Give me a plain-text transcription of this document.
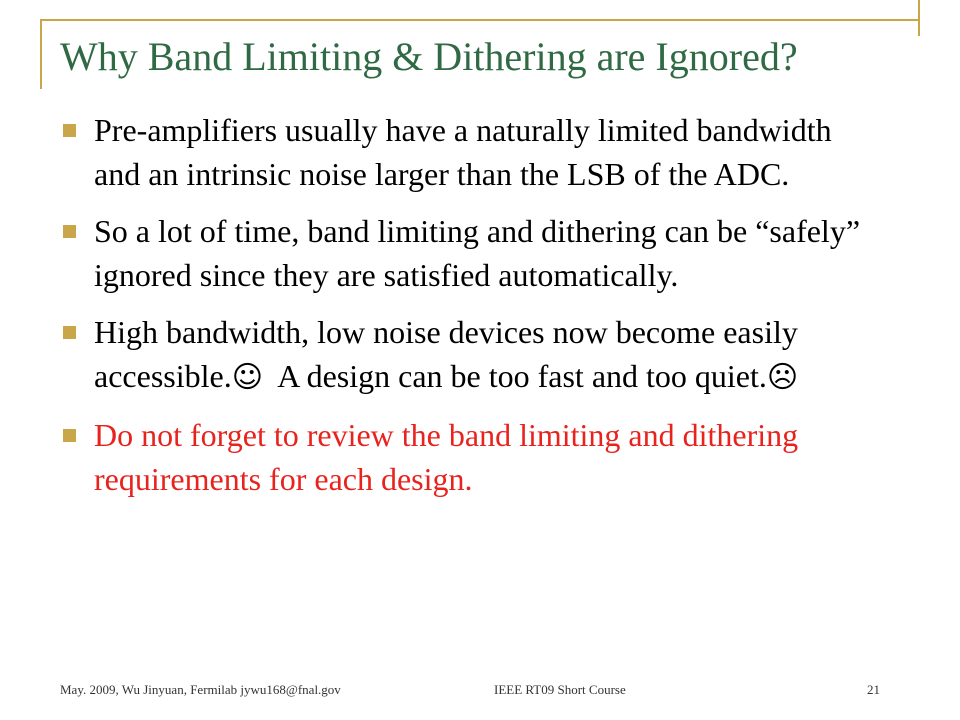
Why Band Limiting & Dithering are Ignored?
Pre-amplifiers usually have a naturally limited bandwidth and an intrinsic noise larger than the LSB of the ADC.
So a lot of time, band limiting and dithering can be “safely” ignored since they are satisfied automatically.
High bandwidth, low noise devices now become easily accessible.☺  A design can be too fast and too quiet.☹
Do not forget to review the band limiting and dithering requirements for each design.
May. 2009, Wu Jinyuan, Fermilab jywu168@fnal.gov	IEEE RT09 Short Course	21
